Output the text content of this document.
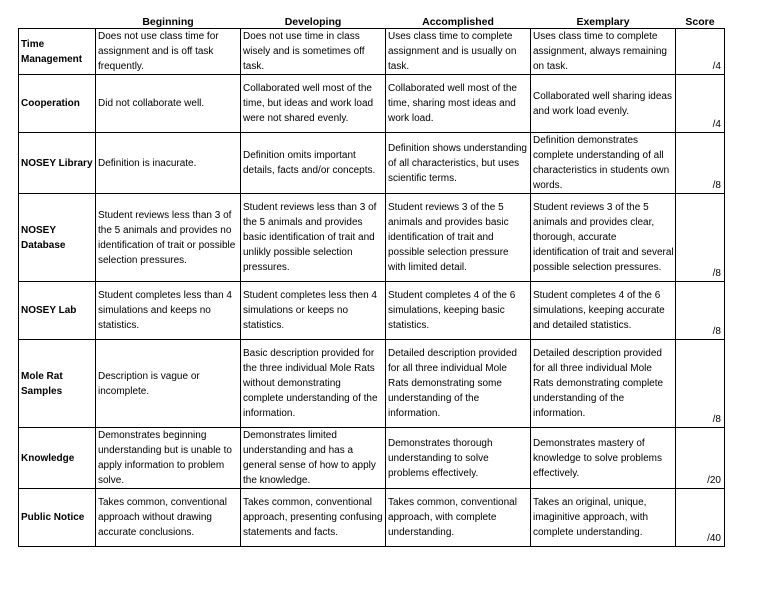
	Beginning	Developing	Accomplished	Exemplary	Score
Time Management	Does not use class time for assignment and is off task frequently.	Does not use time in class wisely and is sometimes off task.	Uses class time to complete assignment and is usually on task.	Uses class time to complete assignment, always remaining on task.	/4
Cooperation	Did not collaborate well.	Collaborated well most of the time, but ideas and work load were not shared evenly.	Collaborated well most of the time, sharing most ideas and work load.	Collaborated well sharing ideas and work load evenly.	/4
NOSEY Library	Definition is inacurate.	Definition omits important details, facts and/or concepts.	Definition shows understanding of all characteristics, but uses scientific terms.	Definition demonstrates complete understanding of all characteristics in students own words.	/8
NOSEY Database	Student reviews less than 3 of the 5 animals and provides no identification of trait or possible selection pressures.	Student reviews less than 3 of the 5 animals and provides basic identification of trait and unlikly possible selection pressures.	Student reviews 3 of the 5 animals and provides basic identification of trait and possible selection pressure with limited detail.	Student reviews 3 of the 5 animals and provides clear, thorough, accurate identification of trait and several possible selection pressures.	/8
NOSEY Lab	Student completes less than 4 simulations and keeps no statistics.	Student completes less then 4 simulations or keeps no statistics.	Student completes 4 of the 6 simulations, keeping basic statistics.	Student completes 4 of the 6 simulations, keeping accurate and detailed statistics.	/8
Mole Rat Samples	Description is vague or incomplete.	Basic description provided for the three individual Mole Rats without demonstrating complete understanding of the information.	Detailed description provided for all three individual Mole Rats demonstrating some understanding of the information.	Detailed description provided for all three individual Mole Rats demonstrating complete understanding of the information.	/8
Knowledge	Demonstrates beginning understanding but is unable to apply information to problem solve.	Demonstrates limited understanding and has a general sense of how to apply the knowledge.	Demonstrates thorough understanding to solve problems effectively.	Demonstrates mastery of knowledge to solve problems effectively.	/20
Public Notice	Takes common, conventional approach without drawing accurate conclusions.	Takes common, conventional approach, presenting confusing statements and facts.	Takes common, conventional approach, with complete understanding.	Takes an original, unique, imaginitive approach, with complete understanding.	/40
